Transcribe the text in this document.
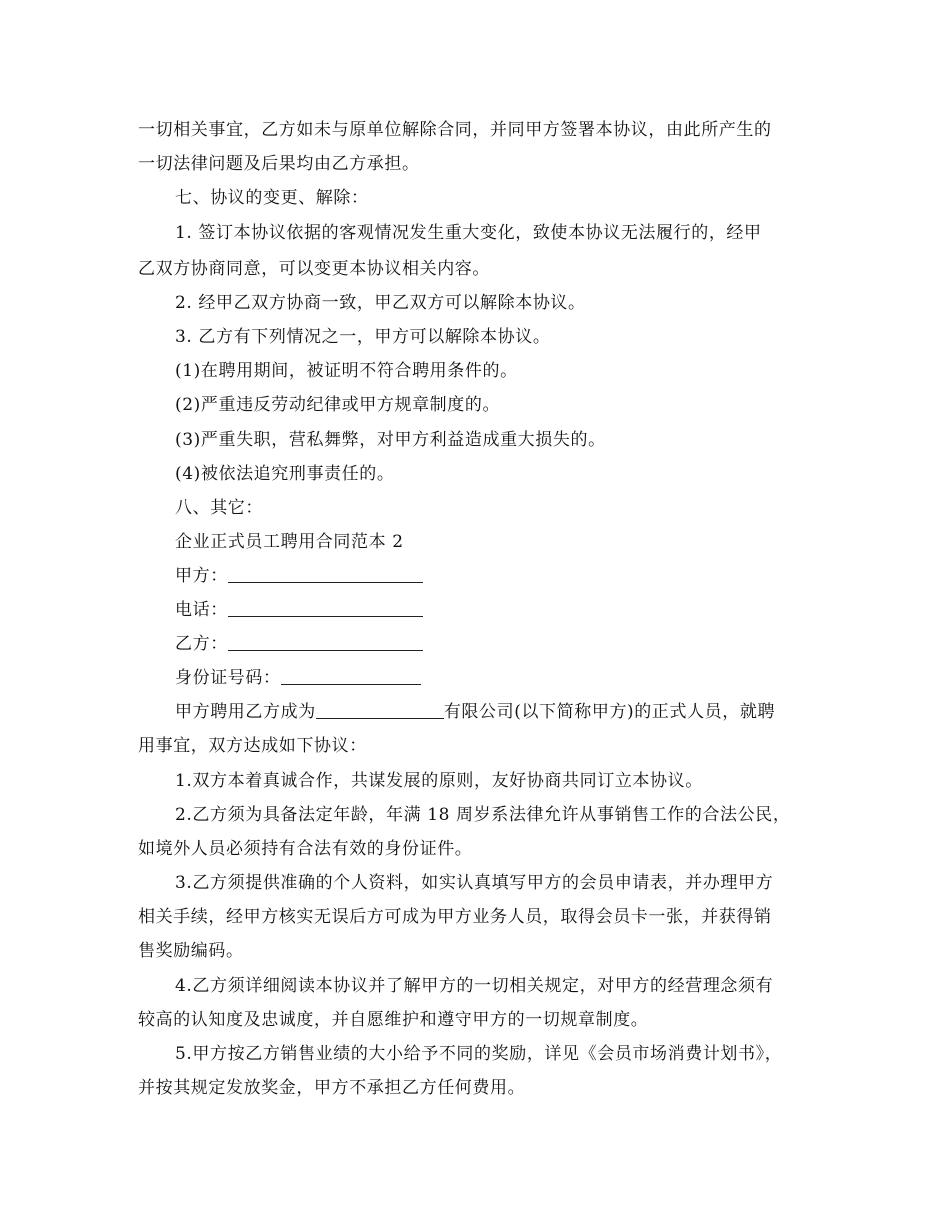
一切相关事宜，乙方如未与原单位解除合同，并同甲方签署本协议，由此所产生的
一切法律问题及后果均由乙方承担。
七、协议的变更、解除：
1. 签订本协议依据的客观情况发生重大变化，致使本协议无法履行的，经甲
乙双方协商同意，可以变更本协议相关内容。
2. 经甲乙双方协商一致，甲乙双方可以解除本协议。
3. 乙方有下列情况之一，甲方可以解除本协议。
(1)在聘用期间，被证明不符合聘用条件的。
(2)严重违反劳动纪律或甲方规章制度的。
(3)严重失职，营私舞弊，对甲方利益造成重大损失的。
(4)被依法追究刑事责任的。
八、其它：
企业正式员工聘用合同范本 2
甲方：
电话：
乙方：
身份证号码：
甲方聘用乙方成为	有限公司(以下简称甲方)的正式人员，就聘
用事宜，双方达成如下协议：
1.双方本着真诚合作，共谋发展的原则，友好协商共同订立本协议。
2.乙方须为具备法定年龄，年满 18 周岁系法律允许从事销售工作的合法公民，
如境外人员必须持有合法有效的身份证件。
3.乙方须提供准确的个人资料，如实认真填写甲方的会员申请表，并办理甲方
相关手续，经甲方核实无误后方可成为甲方业务人员，取得会员卡一张，并获得销
售奖励编码。
4.乙方须详细阅读本协议并了解甲方的一切相关规定，对甲方的经营理念须有
较高的认知度及忠诚度，并自愿维护和遵守甲方的一切规章制度。
5.甲方按乙方销售业绩的大小给予不同的奖励，详见《会员市场消费计划书》，
并按其规定发放奖金，甲方不承担乙方任何费用。
